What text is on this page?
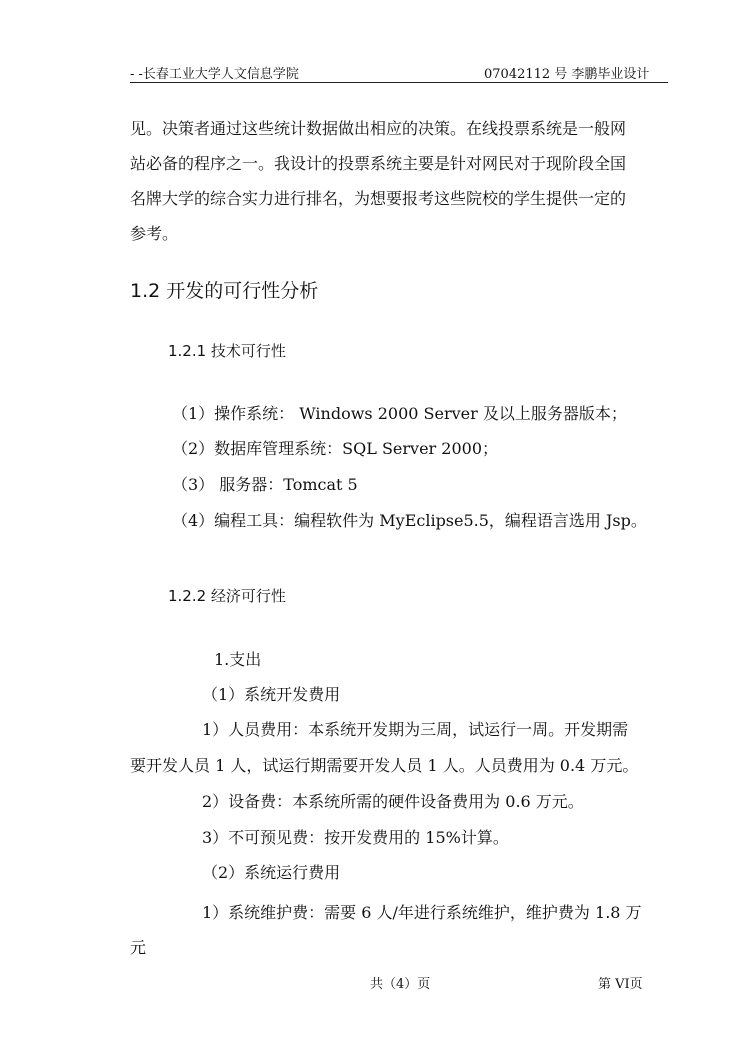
- -长春工业大学人文信息学院	07042112 号 李鹏毕业设计
见。决策者通过这些统计数据做出相应的决策。在线投票系统是一般网
站必备的程序之一。我设计的投票系统主要是针对网民对于现阶段全国
名牌大学的综合实力进行排名，为想要报考这些院校的学生提供一定的
参考。
1.2 开发的可行性分析
1.2.1 技术可行性
（1）操作系统： Windows 2000 Server 及以上服务器版本；
（2）数据库管理系统：SQL Server 2000；
（3） 服务器：Tomcat 5
（4）编程工具：编程软件为 MyEclipse5.5，编程语言选用 Jsp。
1.2.2 经济可行性
1.支出
（1）系统开发费用
1）人员费用：本系统开发期为三周，试运行一周。开发期需
要开发人员 1 人，试运行期需要开发人员 1 人。人员费用为 0.4 万元。
2）设备费：本系统所需的硬件设备费用为 0.6 万元。
3）不可预见费：按开发费用的 15%计算。
（2）系统运行费用
1）系统维护费：需要 6 人/年进行系统维护，维护费为 1.8 万
元
共（4）页	第 VI页
